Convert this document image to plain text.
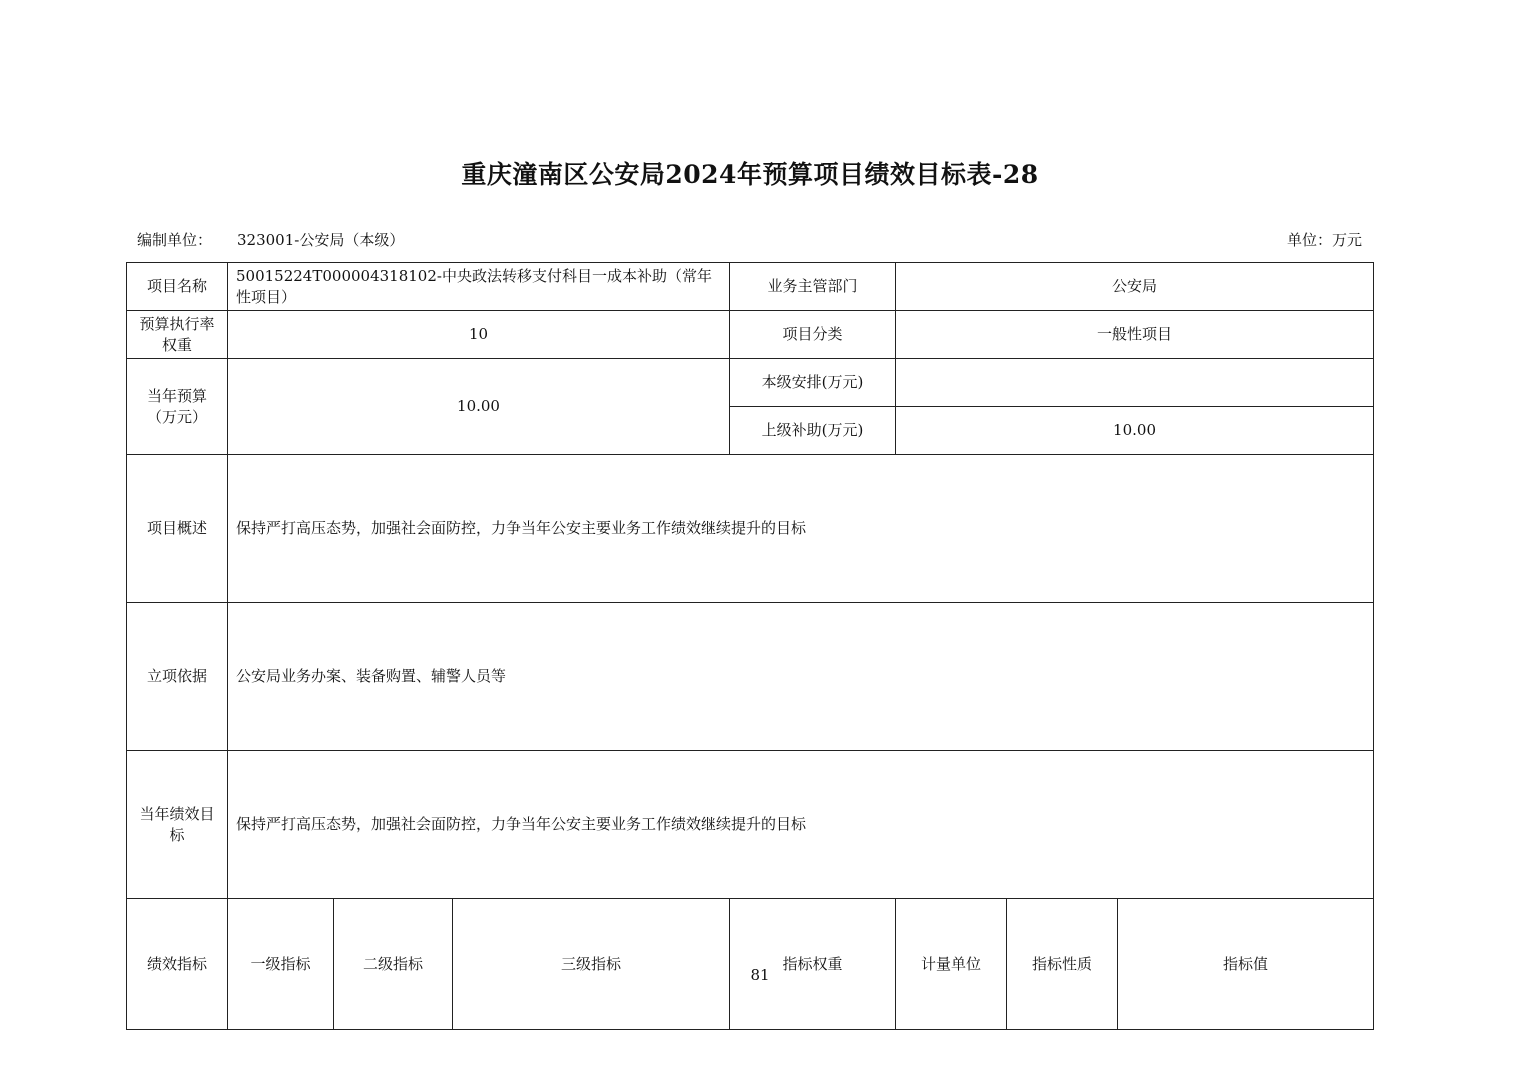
重庆潼南区公安局2024年预算项目绩效目标表-28
编制单位： 323001-公安局（本级）	单位：万元
项目名称	50015224T000004318102-中央政法转移支付科目一成本补助（常年性项目）			业务主管部门	公安局			
预算执行率权重	10			项目分类	一般性项目			
当年预算（万元）	10.00			本级安排(万元)				
				上级补助(万元)	10.00			
项目概述	保持严打高压态势，加强社会面防控，力争当年公安主要业务工作绩效继续提升的目标							
立项依据	公安局业务办案、装备购置、辅警人员等							
当年绩效目标	保持严打高压态势，加强社会面防控，力争当年公安主要业务工作绩效继续提升的目标							
绩效指标	一级指标	二级指标	三级指标	指标权重	计量单位	指标性质	指标值	
81
